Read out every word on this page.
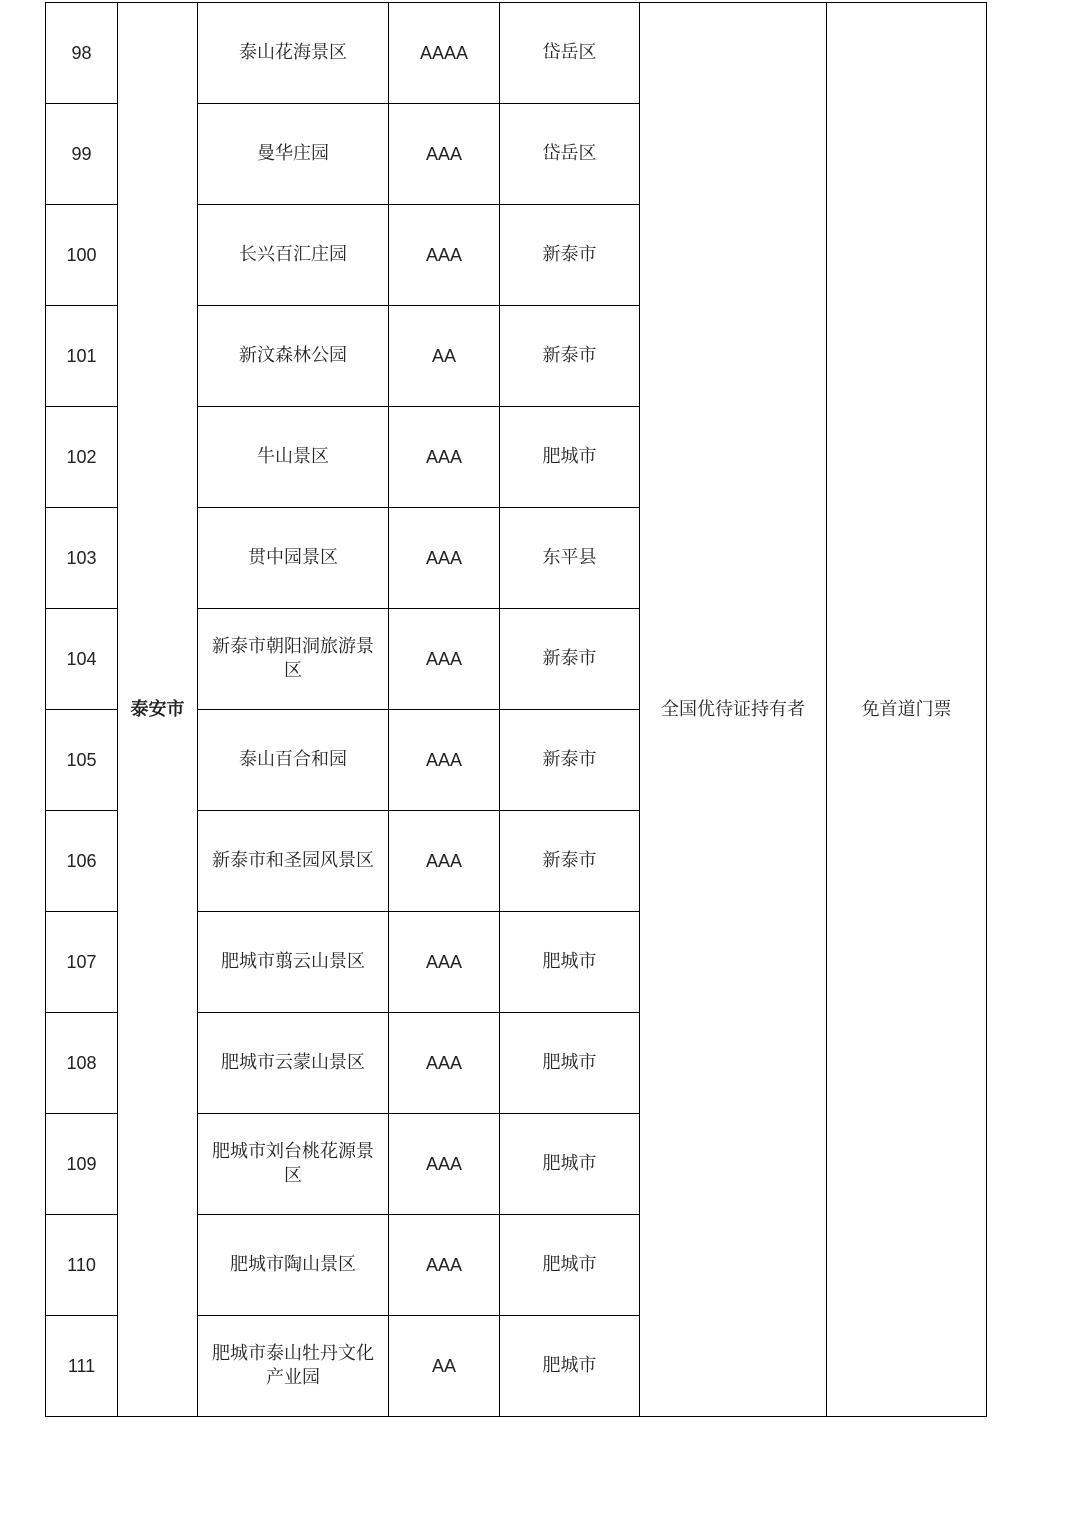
98	泰安市	泰山花海景区	AAAA	岱岳区	全国优待证持有者	免首道门票
99		曼华庄园	AAA	岱岳区		
100		长兴百汇庄园	AAA	新泰市		
101		新汶森林公园	AA	新泰市		
102		牛山景区	AAA	肥城市		
103		贯中园景区	AAA	东平县		
104		新泰市朝阳洞旅游景区	AAA	新泰市		
105		泰山百合和园	AAA	新泰市		
106		新泰市和圣园风景区	AAA	新泰市		
107		肥城市翦云山景区	AAA	肥城市		
108		肥城市云蒙山景区	AAA	肥城市		
109		肥城市刘台桃花源景区	AAA	肥城市		
110		肥城市陶山景区	AAA	肥城市		
111		肥城市泰山牡丹文化产业园	AA	肥城市		
